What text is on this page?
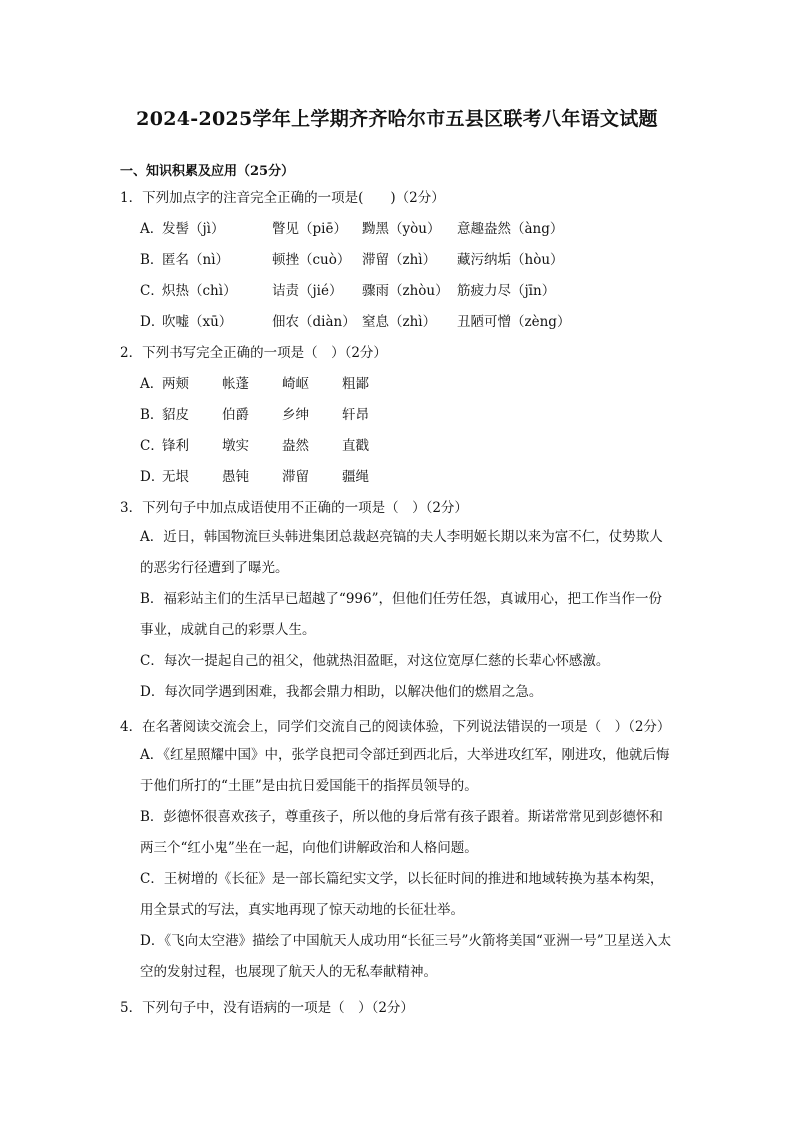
2024-2025学年上学期齐齐哈尔市五县区联考八年语文试题
一、知识积累及应用（25分）
1．下列加点字的注音完全正确的一项是(　　)（2分）
A．发髻（jì）	瞥见（piē） 黝黑（yòu） 意趣盎然（àng）
B．匿名（nì）	顿挫（cuò） 滞留（zhì） 藏污纳垢（hòu）
C．炽热（chì）	诘责（jié） 骤雨（zhòu） 筋疲力尽（jīn）
D．吹嘘（xū）	佃农（diàn） 窒息（zhì） 丑陋可憎（zèng）
2．下列书写完全正确的一项是（　）（2分）
A．两颊 帐蓬 崎岖 粗鄙
B．貂皮 伯爵 乡绅 轩昂
C．锋利 墩实 盎然 直戳
D．无垠 愚钝 滞留 疆绳
3．下列句子中加点成语使用不正确的一项是（　）（2分）
A．近日，韩国物流巨头韩进集团总裁赵亮镐的夫人李明姬长期以来为富不仁，仗势欺人的恶劣行径遭到了曝光。
B．福彩站主们的生活早已超越了“996”，但他们任劳任怨，真诚用心，把工作当作一份事业，成就自己的彩票人生。
C．每次一提起自己的祖父，他就热泪盈眶，对这位宽厚仁慈的长辈心怀感激。
D．每次同学遇到困难，我都会鼎力相助，以解决他们的燃眉之急。
4．在名著阅读交流会上，同学们交流自己的阅读体验，下列说法错误的一项是（　）（2分）
A．《红星照耀中国》中，张学良把司令部迁到西北后，大举进攻红军，刚进攻，他就后悔于他们所打的“土匪”是由抗日爱国能干的指挥员领导的。
B．彭德怀很喜欢孩子，尊重孩子，所以他的身后常有孩子跟着。斯诺常常见到彭德怀和两三个“红小鬼”坐在一起，向他们讲解政治和人格问题。
C．王树增的《长征》是一部长篇纪实文学，以长征时间的推进和地域转换为基本构架，用全景式的写法，真实地再现了惊天动地的长征壮举。
D．《飞向太空港》描绘了中国航天人成功用“长征三号”火箭将美国“亚洲一号”卫星送入太空的发射过程，也展现了航天人的无私奉献精神。
5．下列句子中，没有语病的一项是（　）（2分）
